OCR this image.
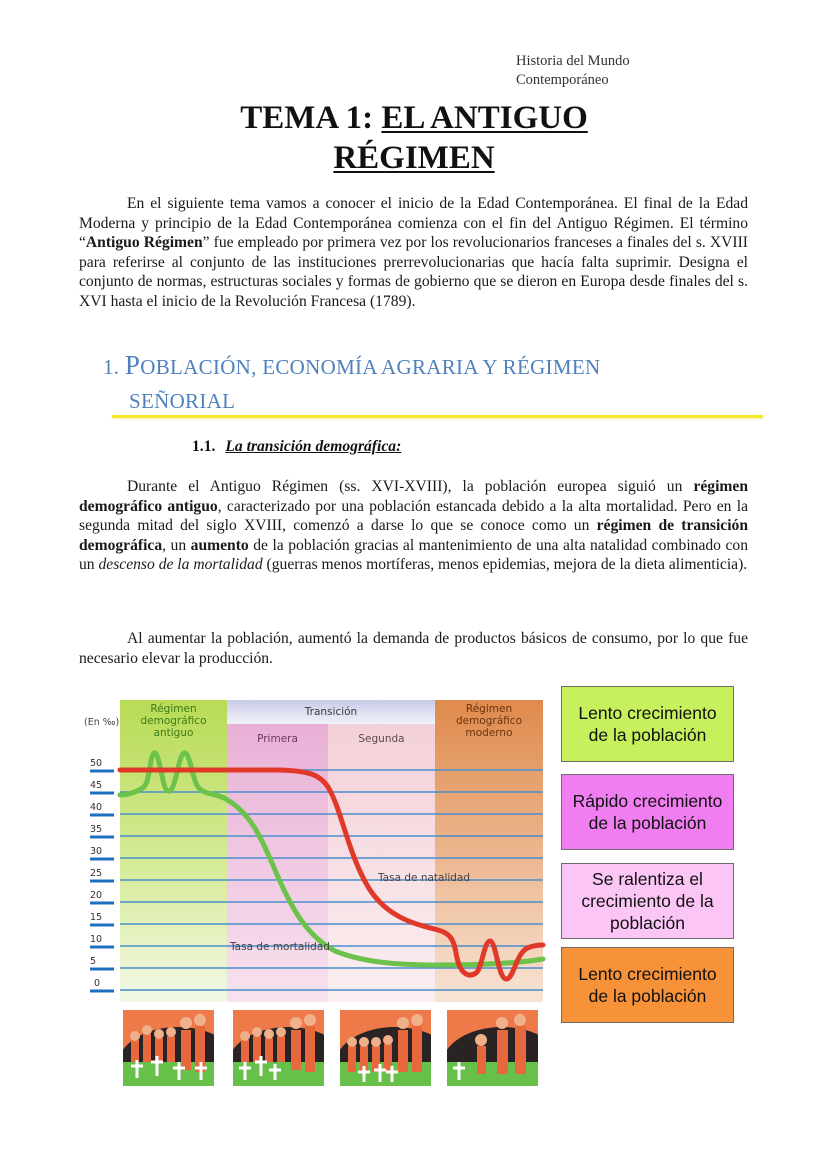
Historia del Mundo
Contemporáneo
TEMA 1: EL ANTIGUO
RÉGIMEN

En el siguiente tema vamos a conocer el inicio de la Edad Contemporánea. El final de la Edad Moderna y principio de la Edad Contemporánea comienza con el fin del Antiguo Régimen. El término “Antiguo Régimen” fue empleado por primera vez por los revolucionarios franceses a finales del s. XVIII para referirse al conjunto de las instituciones prerrevolucionarias que hacía falta suprimir. Designa el conjunto de normas, estructuras sociales y formas de gobierno que se dieron en Europa desde finales del s. XVI hasta el inicio de la Revolución Francesa (1789).

1. POBLACIÓN, ECONOMÍA AGRARIA Y RÉGIMEN
SEÑORIAL
1.1. La transición demográfica:

Durante el Antiguo Régimen (ss. XVI-XVIII), la población europea siguió un régimen demográfico antiguo, caracterizado por una población estancada debido a la alta mortalidad. Pero en la segunda mitad del siglo XVIII, comenzó a darse lo que se conoce como un régimen de transición demográfica, un aumento de la población gracias al mantenimiento de una alta natalidad combinado con un descenso de la mortalidad (guerras menos mortíferas, menos epidemias, mejora de la dieta alimenticia).

Al aumentar la población, aumentó la demanda de productos básicos de consumo, por lo que fue necesario elevar la producción.

Régimen demográfico antiguo
Transición
Primera	Segunda
Régimen demográfico moderno
(En ‰)
50
45
40
35
30
25
20
15
10
5
0
Tasa de natalidad
Tasa de mortalidad
Lento crecimiento de la población
Rápido crecimiento de la población
Se ralentiza el crecimiento de la población
Lento crecimiento de la población
